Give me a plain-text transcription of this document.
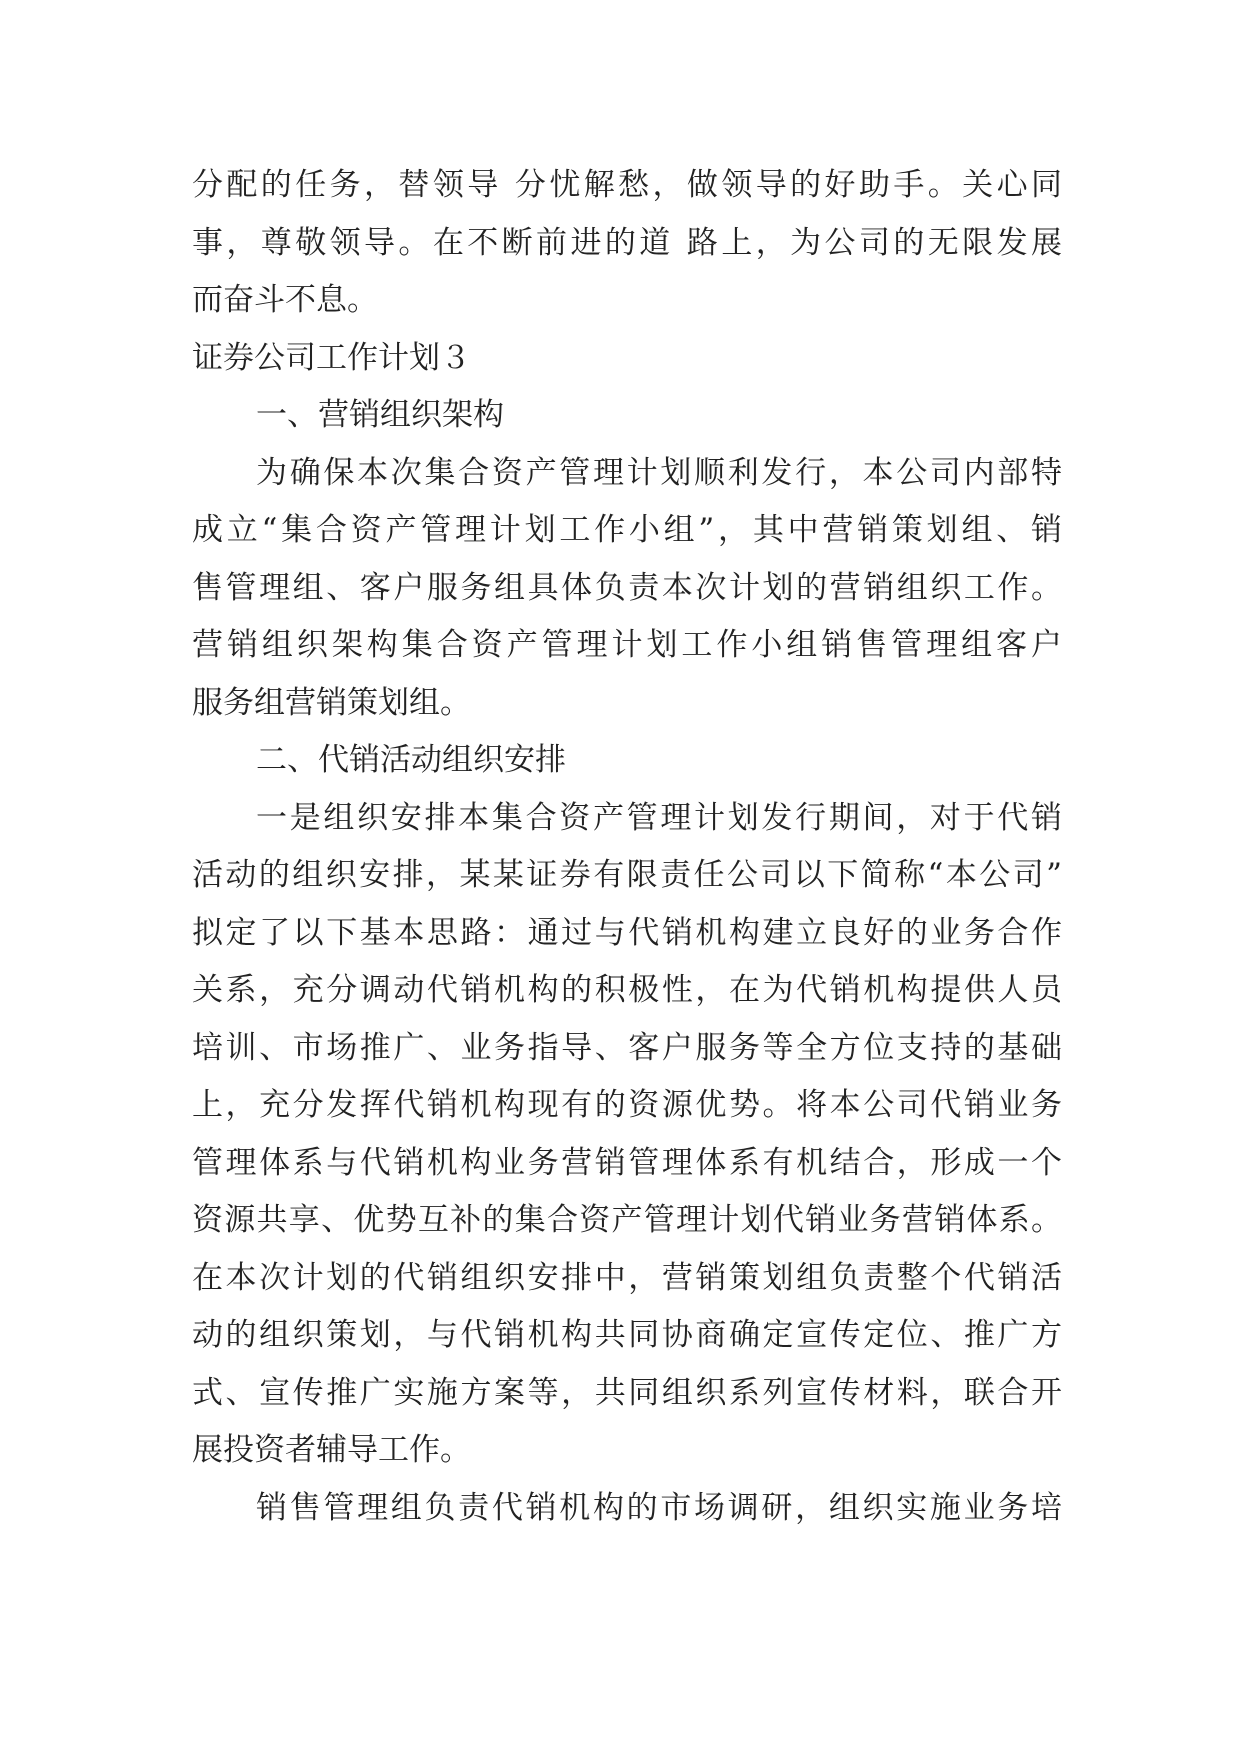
分配的任务，替领导 分忧解愁，做领导的好助手。关心同
事，尊敬领导。在不断前进的道 路上，为公司的无限发展
而奋斗不息。
证券公司工作计划３
一、营销组织架构
为确保本次集合资产管理计划顺利发行，本公司内部特
成立“集合资产管理计划工作小组”，其中营销策划组、销
售管理组、客户服务组具体负责本次计划的营销组织工作。
营销组织架构集合资产管理计划工作小组销售管理组客户
服务组营销策划组。
二、代销活动组织安排
一是组织安排本集合资产管理计划发行期间，对于代销
活动的组织安排，某某证券有限责任公司以下简称“本公司”
拟定了以下基本思路：通过与代销机构建立良好的业务合作
关系，充分调动代销机构的积极性，在为代销机构提供人员
培训、市场推广、业务指导、客户服务等全方位支持的基础
上，充分发挥代销机构现有的资源优势。将本公司代销业务
管理体系与代销机构业务营销管理体系有机结合，形成一个
资源共享、优势互补的集合资产管理计划代销业务营销体系。
在本次计划的代销组织安排中，营销策划组负责整个代销活
动的组织策划，与代销机构共同协商确定宣传定位、推广方
式、宣传推广实施方案等，共同组织系列宣传材料，联合开
展投资者辅导工作。
销售管理组负责代销机构的市场调研，组织实施业务培
